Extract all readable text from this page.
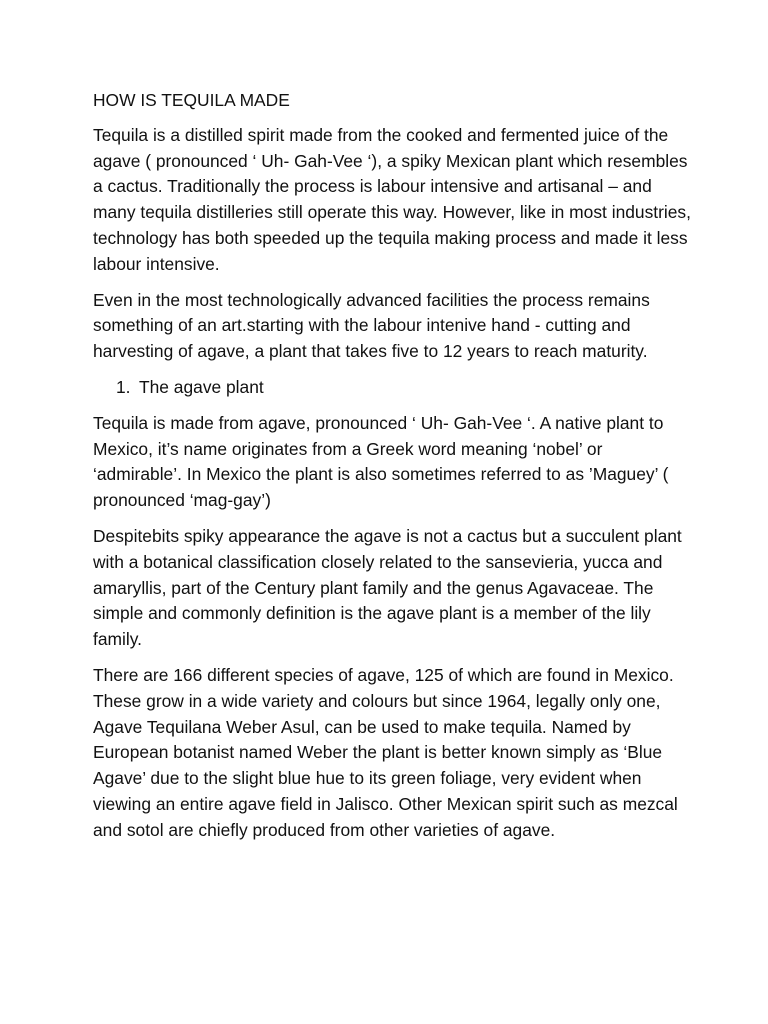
HOW IS TEQUILA MADE

Tequila is a distilled spirit made from the cooked and fermented juice of the agave ( pronounced ‘ Uh- Gah-Vee ‘), a spiky Mexican plant which resembles a cactus. Traditionally the process is labour intensive and artisanal – and many tequila distilleries still operate this way. However, like in most industries, technology has both speeded up the tequila making process and made it less labour intensive.

Even in the most technologically advanced facilities the process remains something of an art.starting with the labour intenive hand - cutting and harvesting of agave, a plant that takes five to 12 years to reach maturity.

1. The agave plant

Tequila is made from agave, pronounced ‘ Uh- Gah-Vee ‘. A native plant to Mexico, it’s name originates from a Greek word meaning ‘nobel’ or ‘admirable’. In Mexico the plant is also sometimes referred to as ’Maguey’ ( pronounced ‘mag-gay’)

Despitebits spiky appearance the agave is not a cactus but a succulent plant with a botanical classification closely related to the sansevieria, yucca and amaryllis, part of the Century plant family and the genus Agavaceae. The simple and commonly definition is the agave plant is a member of the lily family.

There are 166 different species of agave, 125 of which are found in Mexico. These grow in a wide variety and colours but since 1964, legally only one, Agave Tequilana Weber Asul, can be used to make tequila. Named by European botanist named Weber the plant is better known simply as ‘Blue Agave’ due to the slight blue hue to its green foliage, very evident when viewing an entire agave field in Jalisco. Other Mexican spirit such as mezcal and sotol are chiefly produced from other varieties of agave.
